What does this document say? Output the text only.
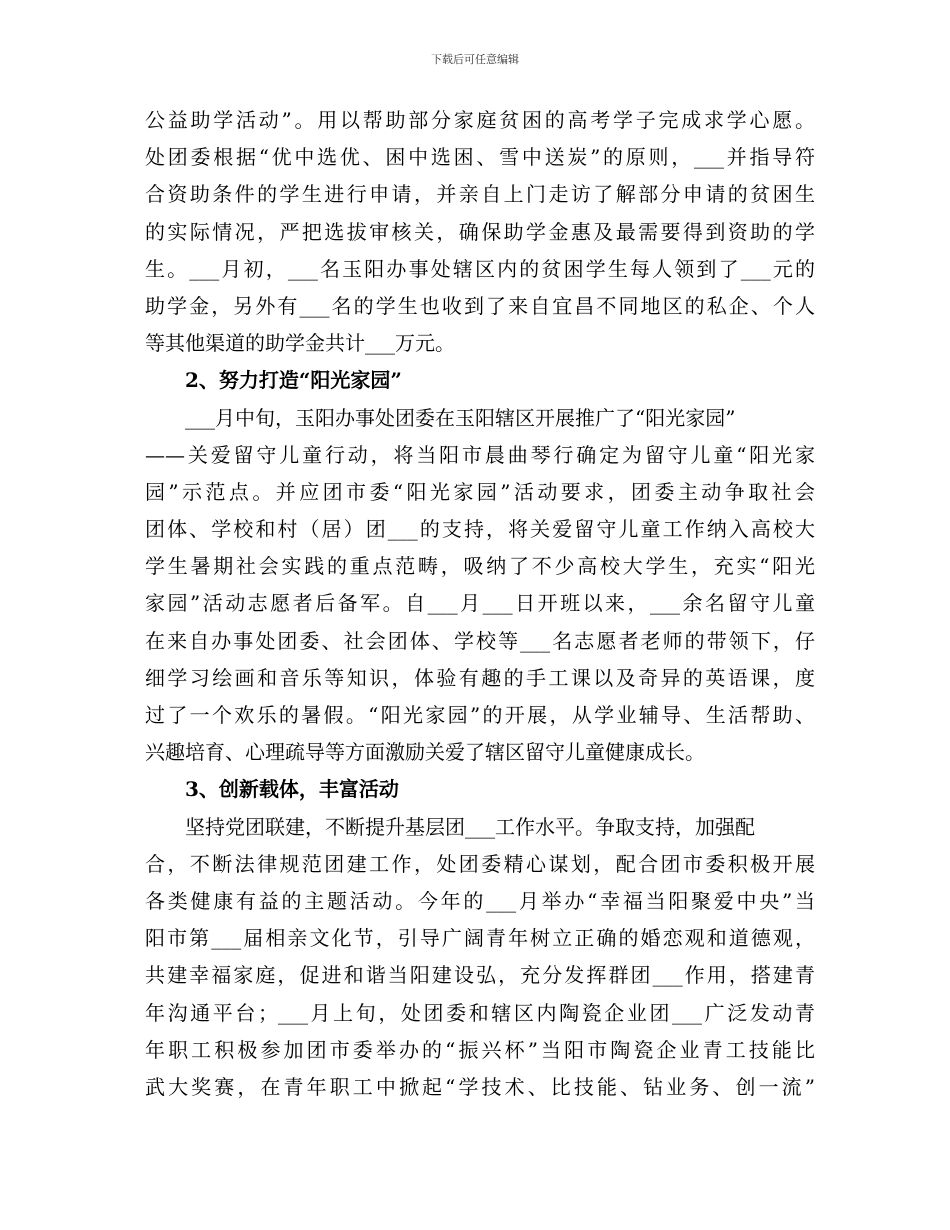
下载后可任意编辑
公益助学活动”。用以帮助部分家庭贫困的高考学子完成求学心愿。
处团委根据“优中选优、困中选困、雪中送炭”的原则，___并指导符
合资助条件的学生进行申请，并亲自上门走访了解部分申请的贫困生
的实际情况，严把选拔审核关，确保助学金惠及最需要得到资助的学
生。___月初，___名玉阳办事处辖区内的贫困学生每人领到了___元的
助学金，另外有___名的学生也收到了来自宜昌不同地区的私企、个人
等其他渠道的助学金共计___万元。
2、努力打造“阳光家园”
___月中旬，玉阳办事处团委在玉阳辖区开展推广了“阳光家园”
——关爱留守儿童行动，将当阳市晨曲琴行确定为留守儿童“阳光家
园”示范点。并应团市委“阳光家园”活动要求，团委主动争取社会
团体、学校和村（居）团___的支持，将关爱留守儿童工作纳入高校大
学生暑期社会实践的重点范畴，吸纳了不少高校大学生，充实“阳光
家园”活动志愿者后备军。自___月___日开班以来，___余名留守儿童
在来自办事处团委、社会团体、学校等___名志愿者老师的带领下，仔
细学习绘画和音乐等知识，体验有趣的手工课以及奇异的英语课，度
过了一个欢乐的暑假。“阳光家园”的开展，从学业辅导、生活帮助、
兴趣培育、心理疏导等方面激励关爱了辖区留守儿童健康成长。
3、创新载体，丰富活动
坚持党团联建，不断提升基层团___工作水平。争取支持，加强配
合，不断法律规范团建工作，处团委精心谋划，配合团市委积极开展
各类健康有益的主题活动。今年的___月举办“幸福当阳聚爱中央”当
阳市第___届相亲文化节，引导广阔青年树立正确的婚恋观和道德观，
共建幸福家庭，促进和谐当阳建设弘，充分发挥群团___作用，搭建青
年沟通平台；___月上旬，处团委和辖区内陶瓷企业团___广泛发动青
年职工积极参加团市委举办的“振兴杯”当阳市陶瓷企业青工技能比
武大奖赛，在青年职工中掀起“学技术、比技能、钻业务、创一流”
